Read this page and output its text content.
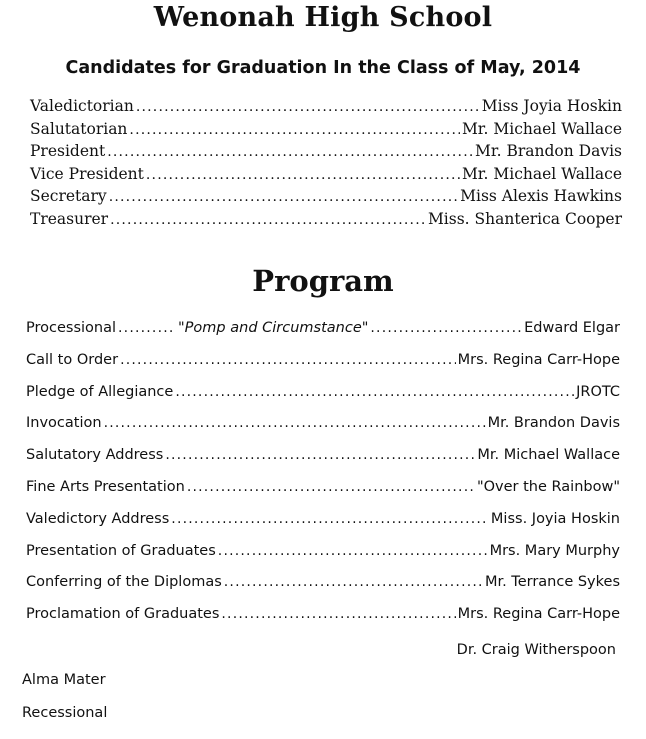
Wenonah High School
Candidates for Graduation In the Class of May, 2014
Valedictorian .....	Miss Joyia Hoskin
Salutatorian .....	Mr. Michael Wallace
President .....	Mr. Brandon Davis
Vice President .....	Mr. Michael Wallace
Secretary .....	Miss Alexis Hawkins
Treasurer .....	Miss. Shanterica Cooper
Program
Processional .....	"Pomp and Circumstance" .....	Edward Elgar
Call to Order .....	Mrs. Regina Carr-Hope
Pledge of Allegiance .....	JROTC
Invocation .....	Mr. Brandon Davis
Salutatory Address .....	Mr. Michael Wallace
Fine Arts Presentation .....	"Over the Rainbow"
Valedictory Address .....	Miss. Joyia Hoskin
Presentation of Graduates .....	Mrs. Mary Murphy
Conferring of the Diplomas .....	Mr. Terrance Sykes
Proclamation of Graduates .....	Mrs. Regina Carr-Hope
Dr. Craig Witherspoon
Alma Mater
Recessional
